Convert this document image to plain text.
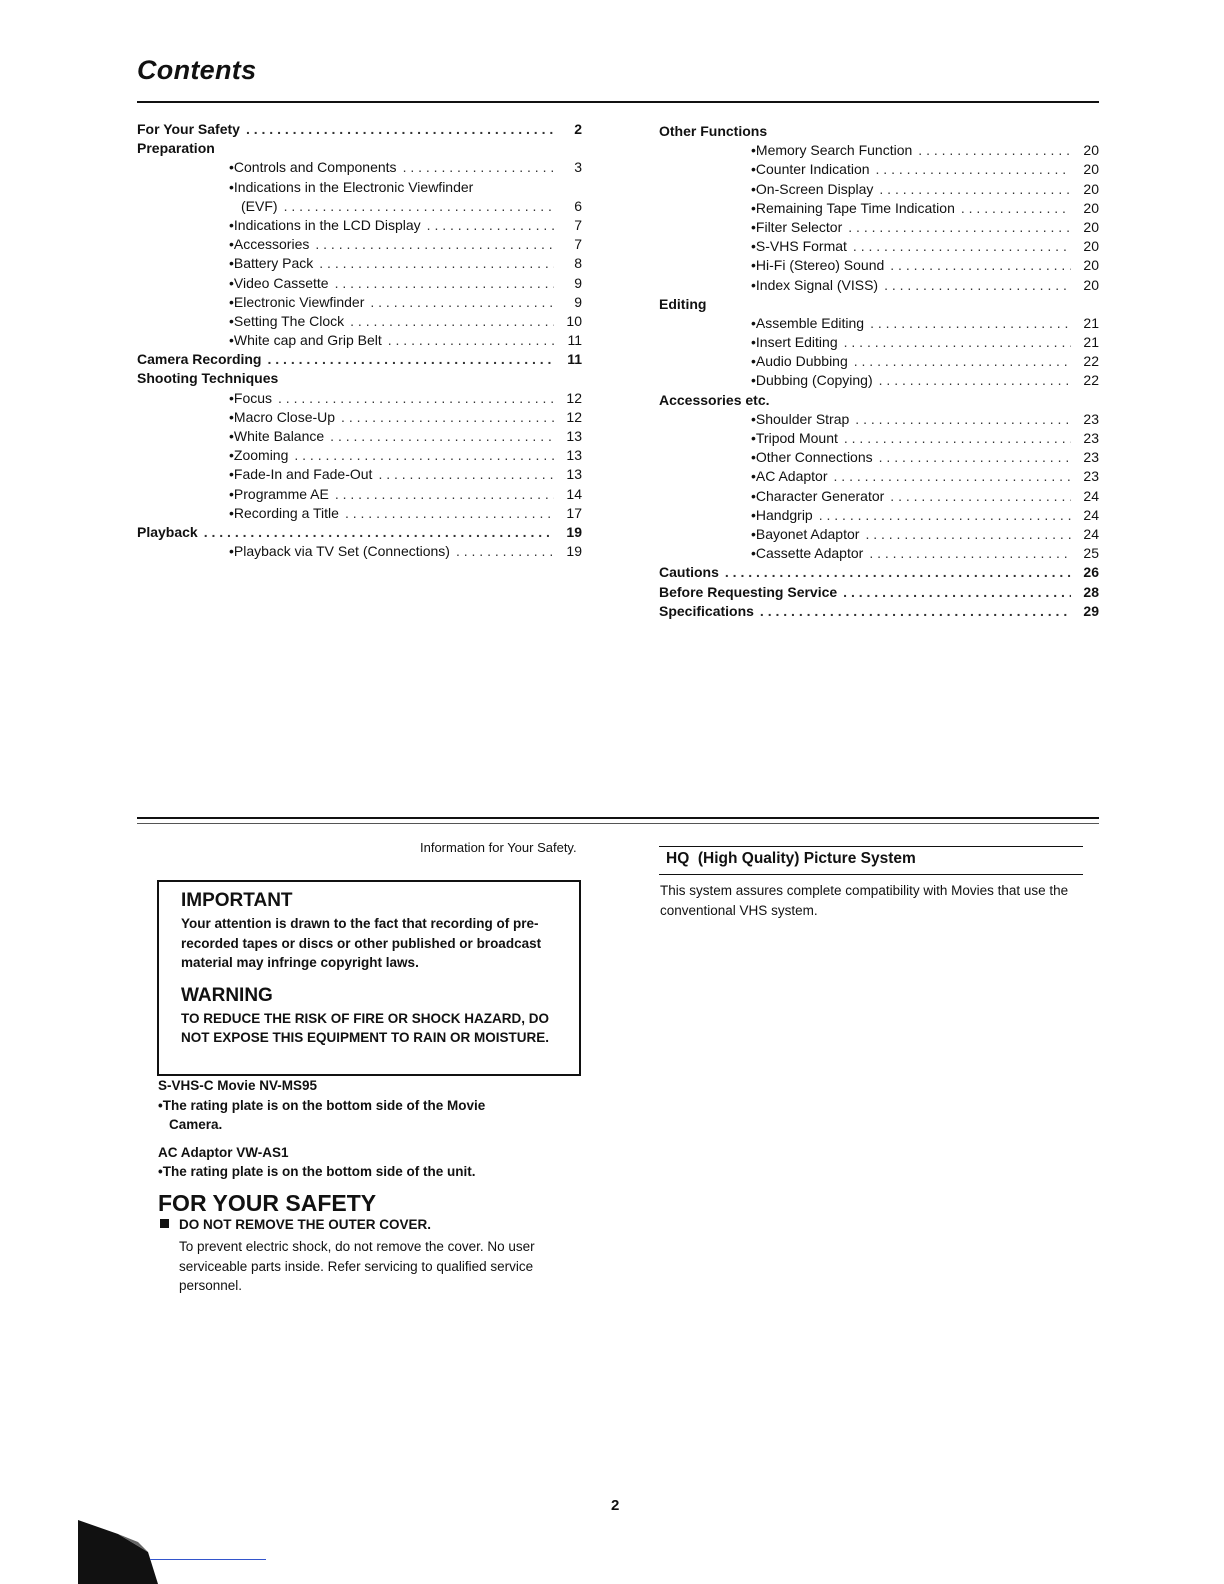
Contents
For Your Safety . . .	2
Preparation
•Controls and Components . . .	3
•Indications in the Electronic Viewfinder
(EVF) . . .	6
•Indications in the LCD Display . . .	7
•Accessories . . .	7
•Battery Pack . . .	8
•Video Cassette . . .	9
•Electronic Viewfinder . . .	9
•Setting The Clock . . .	10
•White cap and Grip Belt . . .	11
Camera Recording . . .	11
Shooting Techniques
•Focus . . .	12
•Macro Close-Up . . .	12
•White Balance . . .	13
•Zooming . . .	13
•Fade-In and Fade-Out . . .	13
•Programme AE . . .	14
•Recording a Title . . .	17
Playback . . .	19
•Playback via TV Set (Connections) . . .	19
Other Functions
•Memory Search Function . . .	20
•Counter Indication . . .	20
•On-Screen Display . . .	20
•Remaining Tape Time Indication . . .	20
•Filter Selector . . .	20
•S-VHS Format . . .	20
•Hi-Fi (Stereo) Sound . . .	20
•Index Signal (VISS) . . .	20
Editing
•Assemble Editing . . .	21
•Insert Editing . . .	21
•Audio Dubbing . . .	22
•Dubbing (Copying) . . .	22
Accessories etc.
•Shoulder Strap . . .	23
•Tripod Mount . . .	23
•Other Connections . . .	23
•AC Adaptor . . .	23
•Character Generator . . .	24
•Handgrip . . .	24
•Bayonet Adaptor . . .	24
•Cassette Adaptor . . .	25
Cautions . . .	26
Before Requesting Service . . .	28
Specifications . . .	29
Information for Your Safety.
IMPORTANT
Your attention is drawn to the fact that recording of pre-recorded tapes or discs or other published or broadcast material may infringe copyright laws.
WARNING
TO REDUCE THE RISK OF FIRE OR SHOCK HAZARD, DO NOT EXPOSE THIS EQUIPMENT TO RAIN OR MOISTURE.
S-VHS-C Movie NV-MS95
•The rating plate is on the bottom side of the Movie
Camera.
AC Adaptor VW-AS1
•The rating plate is on the bottom side of the unit.
FOR YOUR SAFETY
DO NOT REMOVE THE OUTER COVER.
To prevent electric shock, do not remove the cover. No user serviceable parts inside. Refer servicing to qualified service personnel.
HQ  (High Quality) Picture System
This system assures complete compatibility with Movies that use the conventional VHS system.
2
